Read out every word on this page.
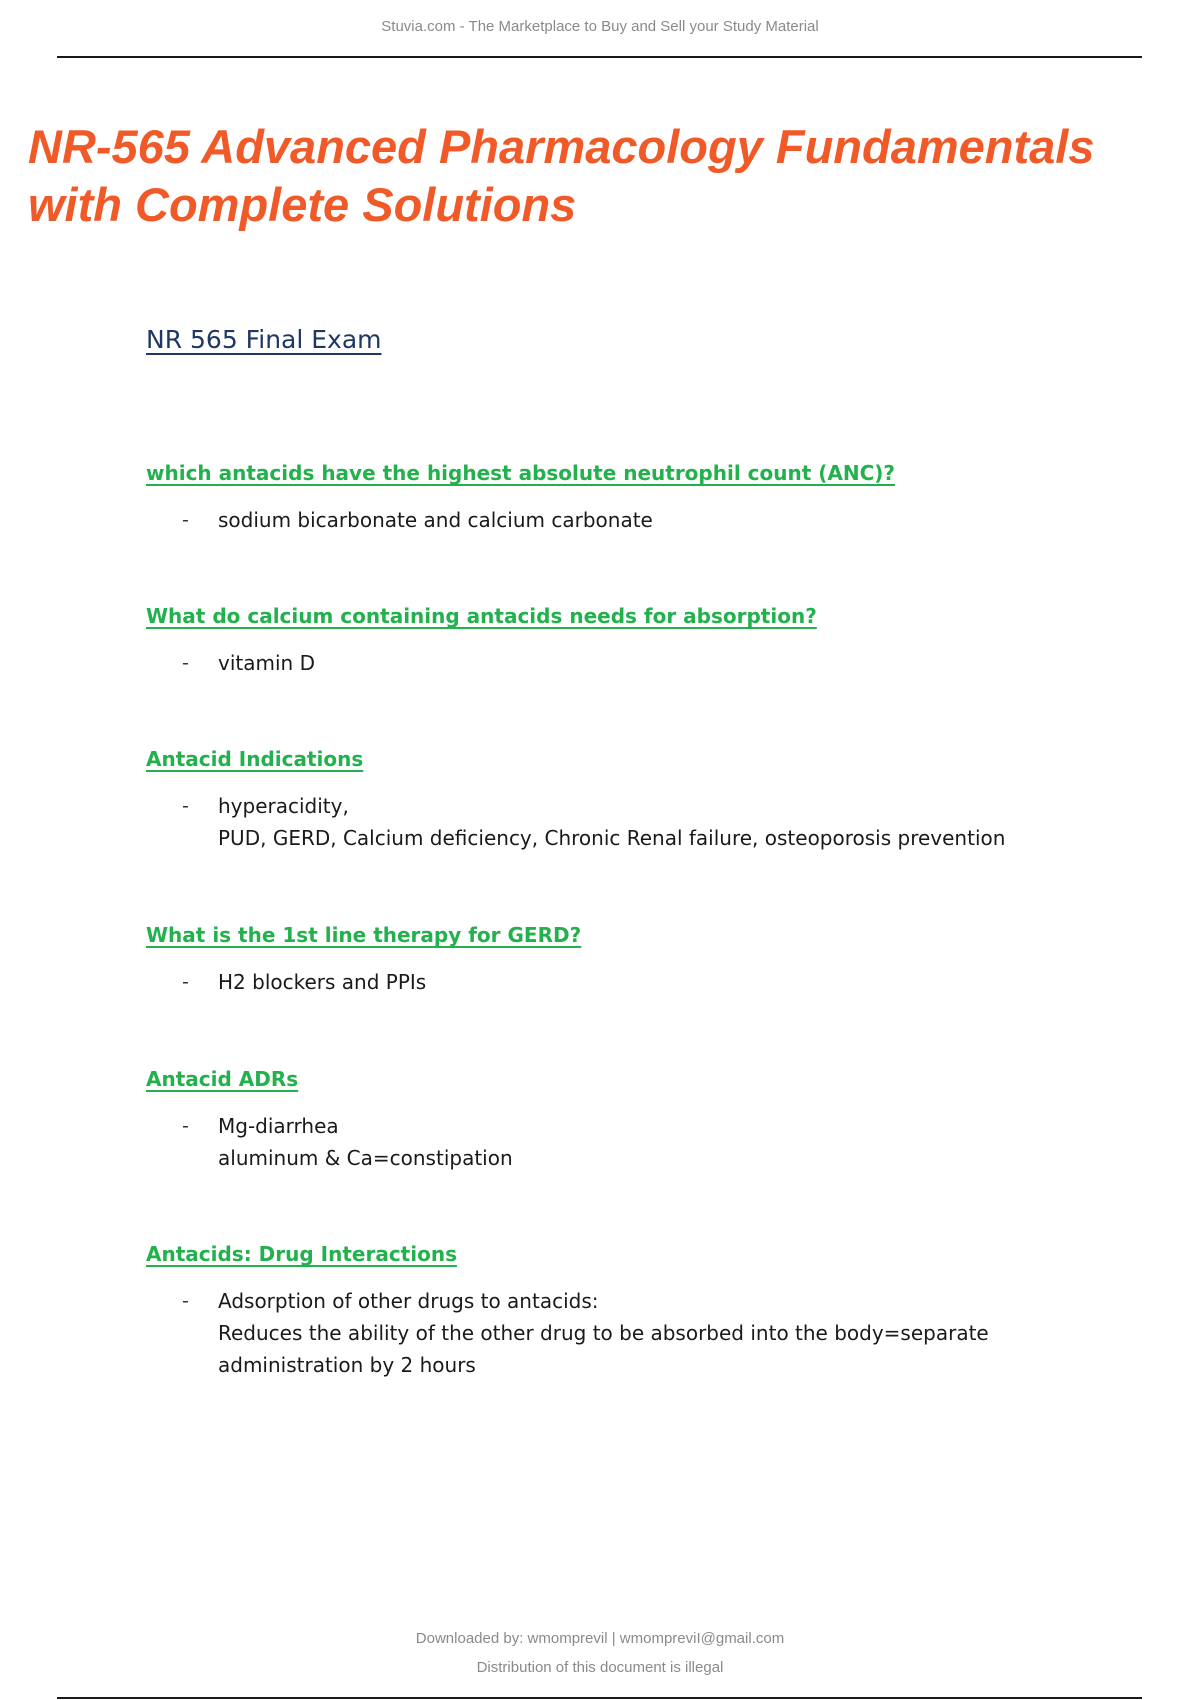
Stuvia.com - The Marketplace to Buy and Sell your Study Material
NR-565 Advanced Pharmacology Fundamentals
with Complete Solutions
NR 565 Final Exam

which antacids have the highest absolute neutrophil count (ANC)?

- sodium bicarbonate and calcium carbonate

What do calcium containing antacids needs for absorption?

- vitamin D

Antacid Indications

- hyperacidity,

PUD, GERD, Calcium deficiency, Chronic Renal failure, osteoporosis prevention

What is the 1st line therapy for GERD?

- H2 blockers and PPIs

Antacid ADRs

- Mg-diarrhea

aluminum & Ca=constipation

Antacids: Drug Interactions

- Adsorption of other drugs to antacids:

Reduces the ability of the other drug to be absorbed into the body=separate

administration by 2 hours

Downloaded by: wmomprevil | wmompreviI@gmail.com
Distribution of this document is illegal
